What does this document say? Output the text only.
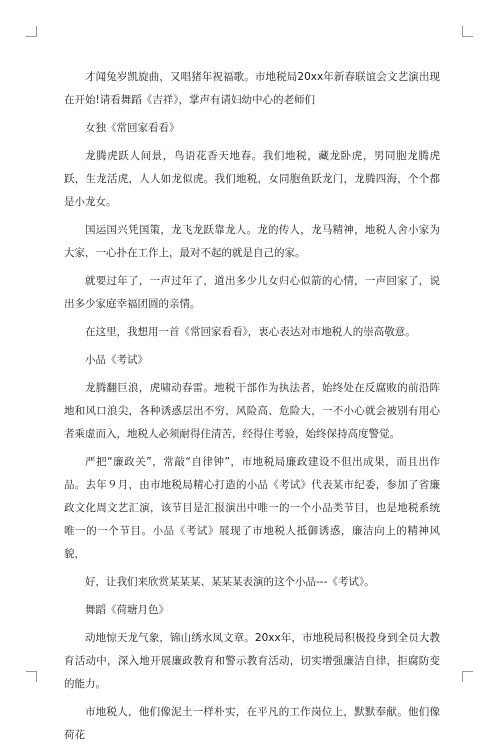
才闻兔岁凯旋曲，又唱猪年祝福歌。市地税局20xx年新春联谊会文艺演出现在开始!请看舞蹈《吉祥》，掌声有请妇幼中心的老师们

女独《常回家看看》

龙腾虎跃人间景，鸟语花香天地春。我们地税，藏龙卧虎，男同胞龙腾虎跃，生龙活虎，人人如龙似虎。我们地税，女同胞鱼跃龙门，龙腾四海，个个都是小龙女。

国运国兴凭国策，龙飞龙跃靠龙人。龙的传人，龙马精神，地税人舍小家为大家，一心扑在工作上，最对不起的就是自己的家。

就要过年了，一声过年了，道出多少儿女归心似箭的心情，一声回家了，说出多少家庭幸福团圆的亲情。

在这里，我想用一首《常回家看看》，衷心表达对市地税人的崇高敬意。

小品《考试》

龙腾翻巨浪，虎啸动春雷。地税干部作为执法者，始终处在反腐败的前沿阵地和风口浪尖，各种诱惑层出不穷，风险高、危险大，一不小心就会被别有用心者乘虚而入，地税人必须耐得住清苦，经得住考验，始终保持高度警觉。

严把“廉政关”，常敲“自律钟”，市地税局廉政建设不但出成果，而且出作品。去年９月，由市地税局精心打造的小品《考试》代表某市纪委，参加了省廉政文化周文艺汇演，该节目是汇报演出中唯一的一个小品类节目，也是地税系统唯一的一个节目。小品《考试》展现了市地税人抵御诱惑，廉洁向上的精神风貌，

好，让我们来欣赏某某某、某某某表演的这个小品---《考试》。

舞蹈《荷塘月色》

动地惊天龙气象，锦山绣水凤文章。20xx年，市地税局积极投身到全员大教育活动中，深入地开展廉政教育和警示教育活动，切实增强廉洁自律，拒腐防变的能力。

市地税人，他们像泥土一样朴实，在平凡的工作岗位上，默默奉献。他们像荷花
